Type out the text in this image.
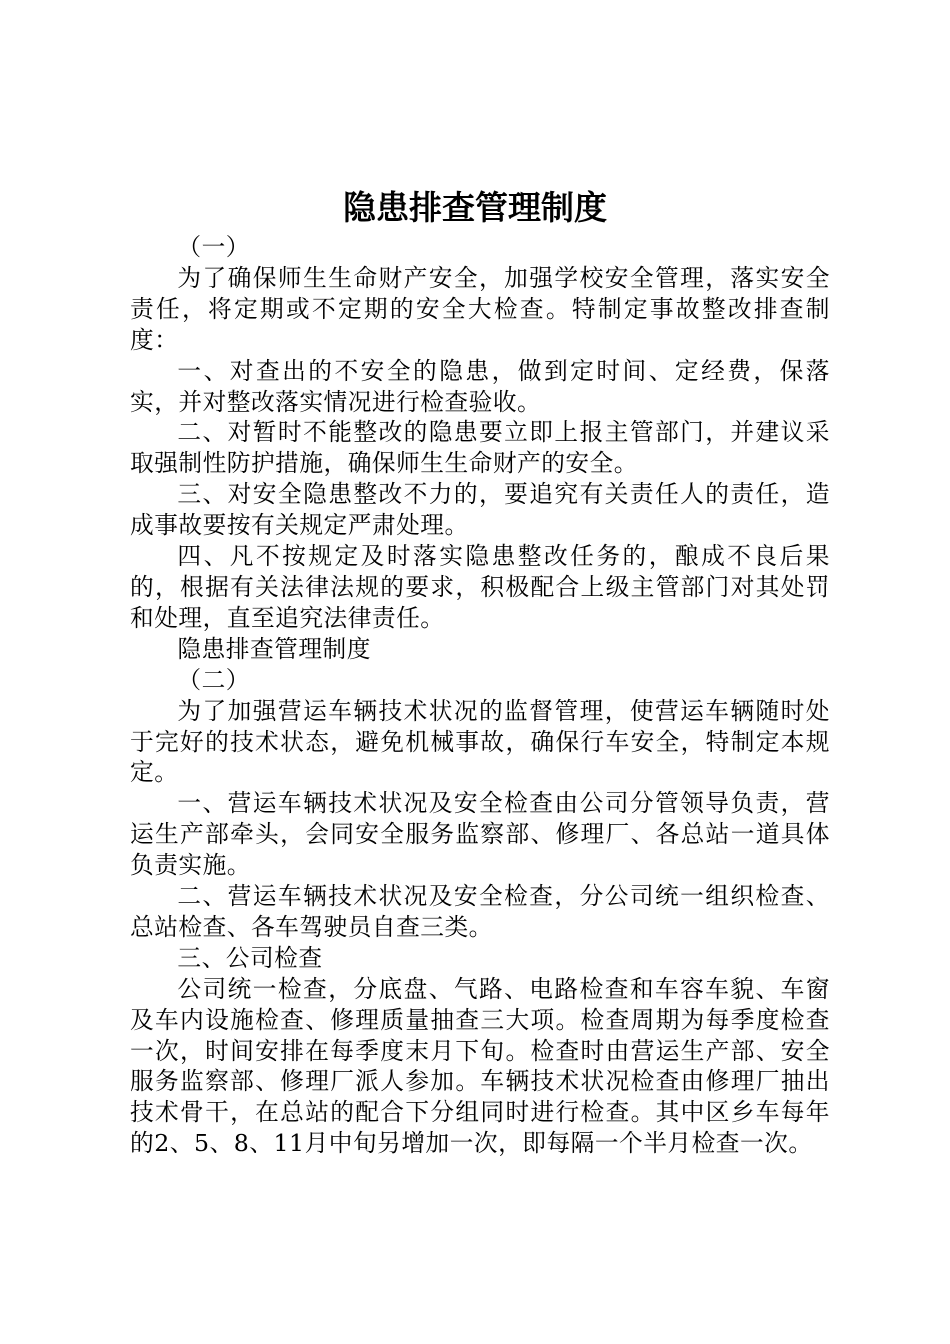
隐患排查管理制度

（一）

为了确保师生生命财产安全，加强学校安全管理，落实安全责任，将定期或不定期的安全大检查。特制定事故整改排查制度：

一、对查出的不安全的隐患，做到定时间、定经费，保落实，并对整改落实情况进行检查验收。

二、对暂时不能整改的隐患要立即上报主管部门，并建议采取强制性防护措施，确保师生生命财产的安全。

三、对安全隐患整改不力的，要追究有关责任人的责任，造成事故要按有关规定严肃处理。

四、凡不按规定及时落实隐患整改任务的，酿成不良后果的，根据有关法律法规的要求，积极配合上级主管部门对其处罚和处理，直至追究法律责任。

隐患排查管理制度

（二）

为了加强营运车辆技术状况的监督管理，使营运车辆随时处于完好的技术状态，避免机械事故，确保行车安全，特制定本规定。

一、营运车辆技术状况及安全检查由公司分管领导负责，营运生产部牵头，会同安全服务监察部、修理厂、各总站一道具体负责实施。

二、营运车辆技术状况及安全检查，分公司统一组织检查、总站检查、各车驾驶员自查三类。

三、公司检查

公司统一检查，分底盘、气路、电路检查和车容车貌、车窗及车内设施检查、修理质量抽查三大项。检查周期为每季度检查一次，时间安排在每季度末月下旬。检查时由营运生产部、安全服务监察部、修理厂派人参加。车辆技术状况检查由修理厂抽出技术骨干，在总站的配合下分组同时进行检查。其中区乡车每年的2、5、8、11月中旬另增加一次，即每隔一个半月检查一次。
